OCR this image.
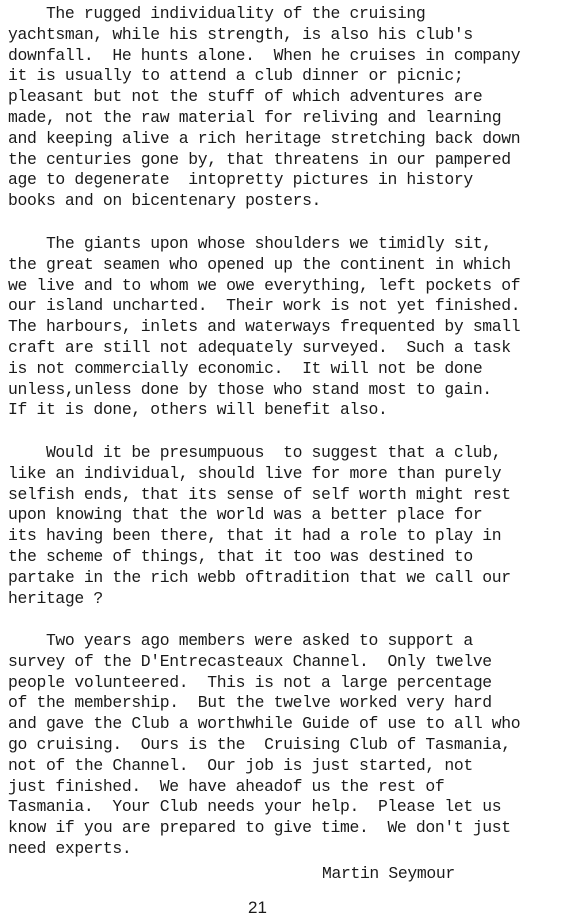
The rugged individuality of the cruising
yachtsman, while his strength, is also his club's
downfall.  He hunts alone.  When he cruises in company
it is usually to attend a club dinner or picnic;
pleasant but not the stuff of which adventures are
made, not the raw material for reliving and learning
and keeping alive a rich heritage stretching back down
the centuries gone by, that threatens in our pampered
age to degenerate  intopretty pictures in history
books and on bicentenary posters.
The giants upon whose shoulders we timidly sit,
the great seamen who opened up the continent in which
we live and to whom we owe everything, left pockets of
our island uncharted.  Their work is not yet finished.
The harbours, inlets and waterways frequented by small
craft are still not adequately surveyed.  Such a task
is not commercially economic.  It will not be done
unless,unless done by those who stand most to gain.
If it is done, others will benefit also.
Would it be presumpuous  to suggest that a club,
like an individual, should live for more than purely
selfish ends, that its sense of self worth might rest
upon knowing that the world was a better place for
its having been there, that it had a role to play in
the scheme of things, that it too was destined to
partake in the rich webb oftradition that we call our
heritage ?
Two years ago members were asked to support a
survey of the D'Entrecasteaux Channel.  Only twelve
people volunteered.  This is not a large percentage
of the membership.  But the twelve worked very hard
and gave the Club a worthwhile Guide of use to all who
go cruising.  Ours is the  Cruising Club of Tasmania,
not of the Channel.  Our job is just started, not
just finished.  We have aheadof us the rest of
Tasmania.  Your Club needs your help.  Please let us
know if you are prepared to give time.  We don't just
need experts.
Martin Seymour
21
